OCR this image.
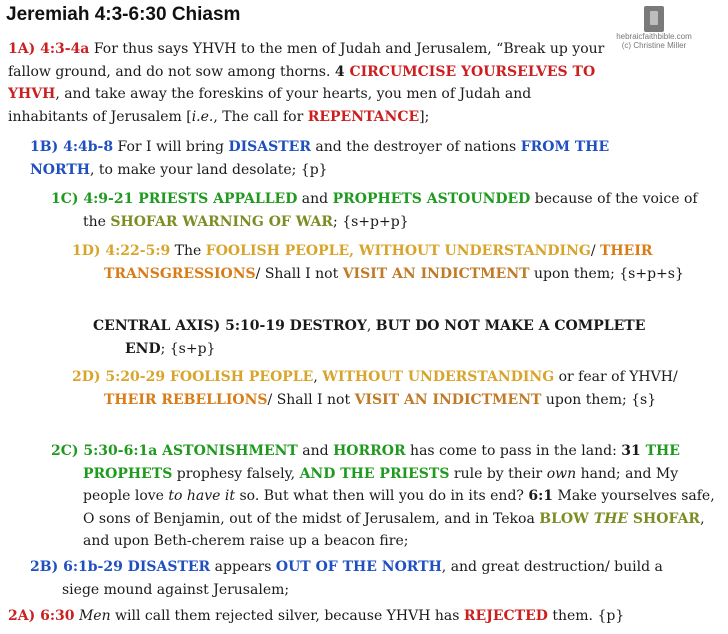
Jeremiah 4:3-6:30 Chiasm
hebraicfaithbible.com
(c) Christine Miller

1A) 4:3-4a For thus says YHVH to the men of Judah and Jerusalem, “Break up your fallow ground, and do not sow among thorns. 4 CIRCUMCISE YOURSELVES TO YHVH, and take away the foreskins of your hearts, you men of Judah and inhabitants of Jerusalem [i.e., The call for REPENTANCE];

1B) 4:4b-8 For I will bring DISASTER and the destroyer of nations FROM THE NORTH, to make your land desolate; {p}

1C) 4:9-21 PRIESTS APPALLED and PROPHETS ASTOUNDED because of the voice of the SHOFAR WARNING OF WAR; {s+p+p}

1D) 4:22-5:9 The FOOLISH PEOPLE, WITHOUT UNDERSTANDING/ THEIR TRANSGRESSIONS/ Shall I not VISIT AN INDICTMENT upon them; {s+p+s}

CENTRAL AXIS) 5:10-19 DESTROY, BUT DO NOT MAKE A COMPLETE END; {s+p}

2D) 5:20-29 FOOLISH PEOPLE, WITHOUT UNDERSTANDING or fear of YHVH/ THEIR REBELLIONS/ Shall I not VISIT AN INDICTMENT upon them; {s}

2C) 5:30-6:1a ASTONISHMENT and HORROR has come to pass in the land: 31 THE PROPHETS prophesy falsely, AND THE PRIESTS rule by their own hand; and My people love to have it so. But what then will you do in its end? 6:1 Make yourselves safe, O sons of Benjamin, out of the midst of Jerusalem, and in Tekoa BLOW THE SHOFAR, and upon Beth-cherem raise up a beacon fire;

2B) 6:1b-29 DISASTER appears OUT OF THE NORTH, and great destruction/ build a siege mound against Jerusalem;

2A) 6:30 Men will call them rejected silver, because YHVH has REJECTED them. {p}
